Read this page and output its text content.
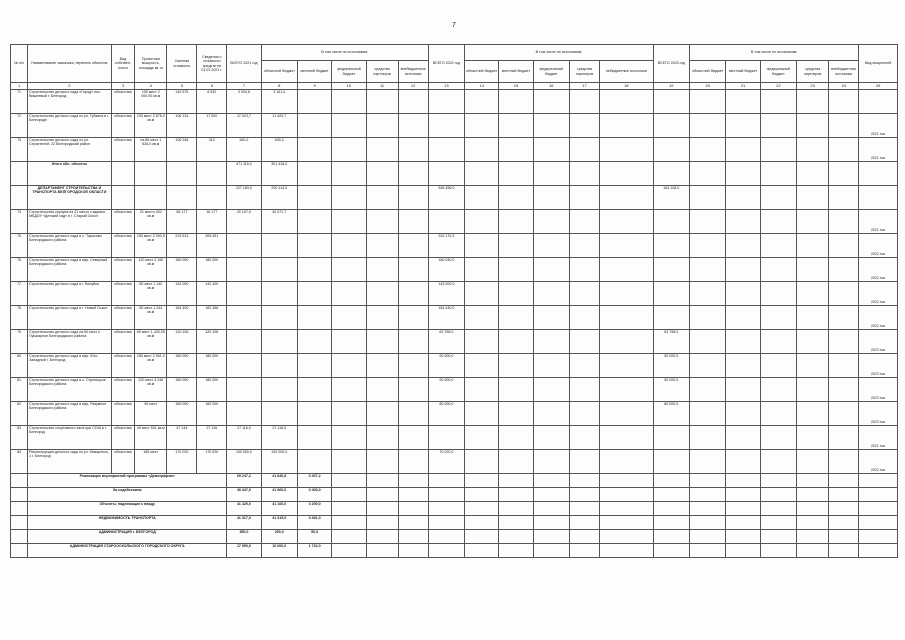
7
№ п/п	Наименование заказчика, перечень объектов	Вид собствен-ности	Проектная мощность, площадь кв. м	Сметная стоимость	Сведения о стоимости средств на 01.01.2021 г.	ВСЕГО 2021 год	В том числе по источникам:					ВСЕГО 2022 год	В том числе по источникам:					ВСЕГО 2023 год	В том числе по источникам:					Вид мощностей
							областной бюджет	местный бюджет	федеральный бюджет	средства партнеров	внебюджетные источники		областной бюджет	местный бюджет	федеральный бюджет	средства партнеров	небюджетные источники		областной бюджет	местный бюджет	федеральный бюджет	средства партнеров	внебюджетные источники	
1	2	3	4	5	6	7	8	9	10	11	12	13	14	15	16	17	18	19	20	21	22	23	24	25
71	Строительство детского сада «Город» пос. Вишневый г. Белгород	областная	150 мест 2 000,00 кв.м	140 575	6 932	3 934,6	3 161,0																	
72	Строительство детского сада по ул. Губкина в г. Белгороде	областная	190 мест 2 876,0 кв.м	106 124	17 000	17 023,7	11 420,7																	2021 тыс
73	Строительство детского сада по ул. Строителей, 22 Белгородский район	областная	на 66 мест 1 626,0 кв.м	106 248	310	540,2	540,2																	2021 тыс
	Итого обл. объекты					471 115,0	301 418,0																	
	ДЕПАРТАМЕНТ СТРОИТЕЛЬСТВА И ТРАНСПОРТА БЕЛГОРОДСКОЙ ОБЛАСТИ					227 183,0	200 114,0					546 456,0						164 128,0						
74	Строительство корпуса на 21 место к зданию МБДОУ «Детский сад» в г. Старый Оскол	областная	21 место 302 кв.м	56 177	16 177	20 107,0	40 071,7																	2021 тыс
75	Строительство детского сада в с. Тарасово Белгородского района	областная	150 мест 2 090,5 кв.м	219 513	209 451							220 170,3												2022 тыс
76	Строительство детского сада в мкр. Северный Белгородского района	областная	120 мест 2 150 кв.м	180 000	180 000							180 040,0												2022 тыс
77	Строительство детского сада в г. Валуйки	областная	80 мест 1 140 кв.м	143 000	142 400							143 000,0												2022 тыс
78	Строительство детского сада в г. Новый Оскол	областная	80 мест 1 244 кв.м	164 400	162 456							164 440,0												2022 тыс
79	Строительство детского сада на 60 мест с. Пушкарное Белгородского района	областная	60 мест 1 420,05 кв.м	120 106	120 106							63 758,0						63 758,0						2023 тыс
80	Строительство детского сада в мкр. Юго-Западный г. Белгород	областная	180 мест 2 551,0 кв.м	180 000	180 000							90 000,0						90 000,0						2023 тыс
81	Строительство детского сада в с. Стрелецкое Белгородского района	областная	220 мест 3 246 кв.м	180 000	180 000							90 000,0						90 000,0						2023 тыс
82	Строительство детского сада в мкр. Разумное Белгородского района	областная	90 мест	160 000	160 000							80 000,0						80 000,0						2023 тыс
83	Строительство спортивного зала при СОШ в г. Белгород	областная	40 мест 531 кв.м	47 144	27 116	27 116,0	27 116,0																	2021 тыс
84	Реконструкция детского сада по ул. Макаренко, 1 г. Белгород	областная	165 мест	170 020	170 020	100 000,0	100 000,0					70 020,0												2022 тыс
	Реализация мероприятий программы «Демография»					69 247,2	41 840,8	3 407,2																
	За содействием					40 447,0	41 960,0	3 400,0																
	Объекты, подлежащие к вводу					41 420,0	41 160,0	3 200,0																
	НЕДВИЖИМОСТЬ ТРАНСПОРТА					41 317,0	41 315,0	3 401,0																
	АДМИНИСТРАЦИЯ г. БЕЛГОРОД					350,0	250,0	50,0																
	АДМИНИСТРАЦИЯ СТАРООСКОЛЬСКОГО ГОРОДСКОГО ОКРУГА					17 950,0	10 000,0	1 732,0																
